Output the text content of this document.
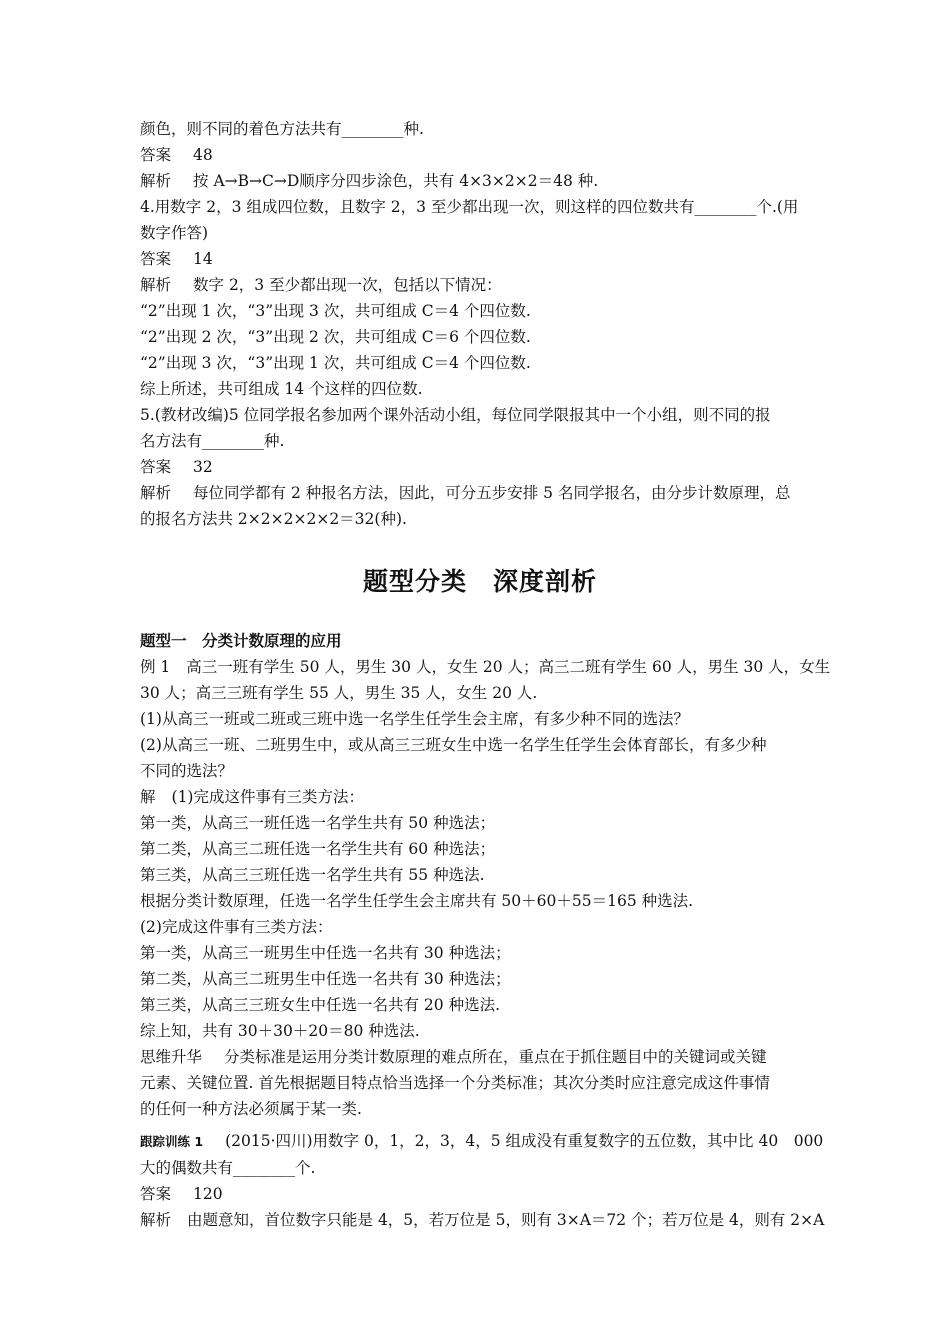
颜色，则不同的着色方法共有________种.
答案 48
解析 按 A→B→C→D顺序分四步涂色，共有 4×3×2×2＝48 种.
4.用数字 2，3 组成四位数，且数字 2，3 至少都出现一次，则这样的四位数共有________个.(用
数字作答)
答案 14
解析 数字 2，3 至少都出现一次，包括以下情况：
“2”出现 1 次，“3”出现 3 次，共可组成 C＝4 个四位数.
“2”出现 2 次，“3”出现 2 次，共可组成 C＝6 个四位数.
“2”出现 3 次，“3”出现 1 次，共可组成 C＝4 个四位数.
综上所述，共可组成 14 个这样的四位数.
5.(教材改编)5 位同学报名参加两个课外活动小组，每位同学限报其中一个小组，则不同的报
名方法有________种.
答案 32
解析 每位同学都有 2 种报名方法，因此，可分五步安排 5 名同学报名，由分步计数原理，总
的报名方法共 2×2×2×2×2＝32(种).
题型分类 深度剖析
题型一　分类计数原理的应用
例 1 高三一班有学生 50 人，男生 30 人，女生 20 人；高三二班有学生 60 人，男生 30 人，女生
30 人；高三三班有学生 55 人，男生 35 人，女生 20 人.
(1)从高三一班或二班或三班中选一名学生任学生会主席，有多少种不同的选法？
(2)从高三一班、二班男生中，或从高三三班女生中选一名学生任学生会体育部长，有多少种
不同的选法？
解 (1)完成这件事有三类方法：
第一类，从高三一班任选一名学生共有 50 种选法；
第二类，从高三二班任选一名学生共有 60 种选法；
第三类，从高三三班任选一名学生共有 55 种选法.
根据分类计数原理，任选一名学生任学生会主席共有 50＋60＋55＝165 种选法.
(2)完成这件事有三类方法：
第一类，从高三一班男生中任选一名共有 30 种选法；
第二类，从高三二班男生中任选一名共有 30 种选法；
第三类，从高三三班女生中任选一名共有 20 种选法.
综上知，共有 30＋30＋20＝80 种选法.
思维升华 分类标准是运用分类计数原理的难点所在，重点在于抓住题目中的关键词或关键
元素、关键位置. 首先根据题目特点恰当选择一个分类标准；其次分类时应注意完成这件事情
的任何一种方法必须属于某一类.
跟踪训练 1 (2015·四川)用数字 0，1，2，3，4，5 组成没有重复数字的五位数，其中比 40　000
大的偶数共有________个.
答案 120
解析 由题意知，首位数字只能是 4，5，若万位是 5，则有 3×A＝72 个；若万位是 4，则有 2×A
